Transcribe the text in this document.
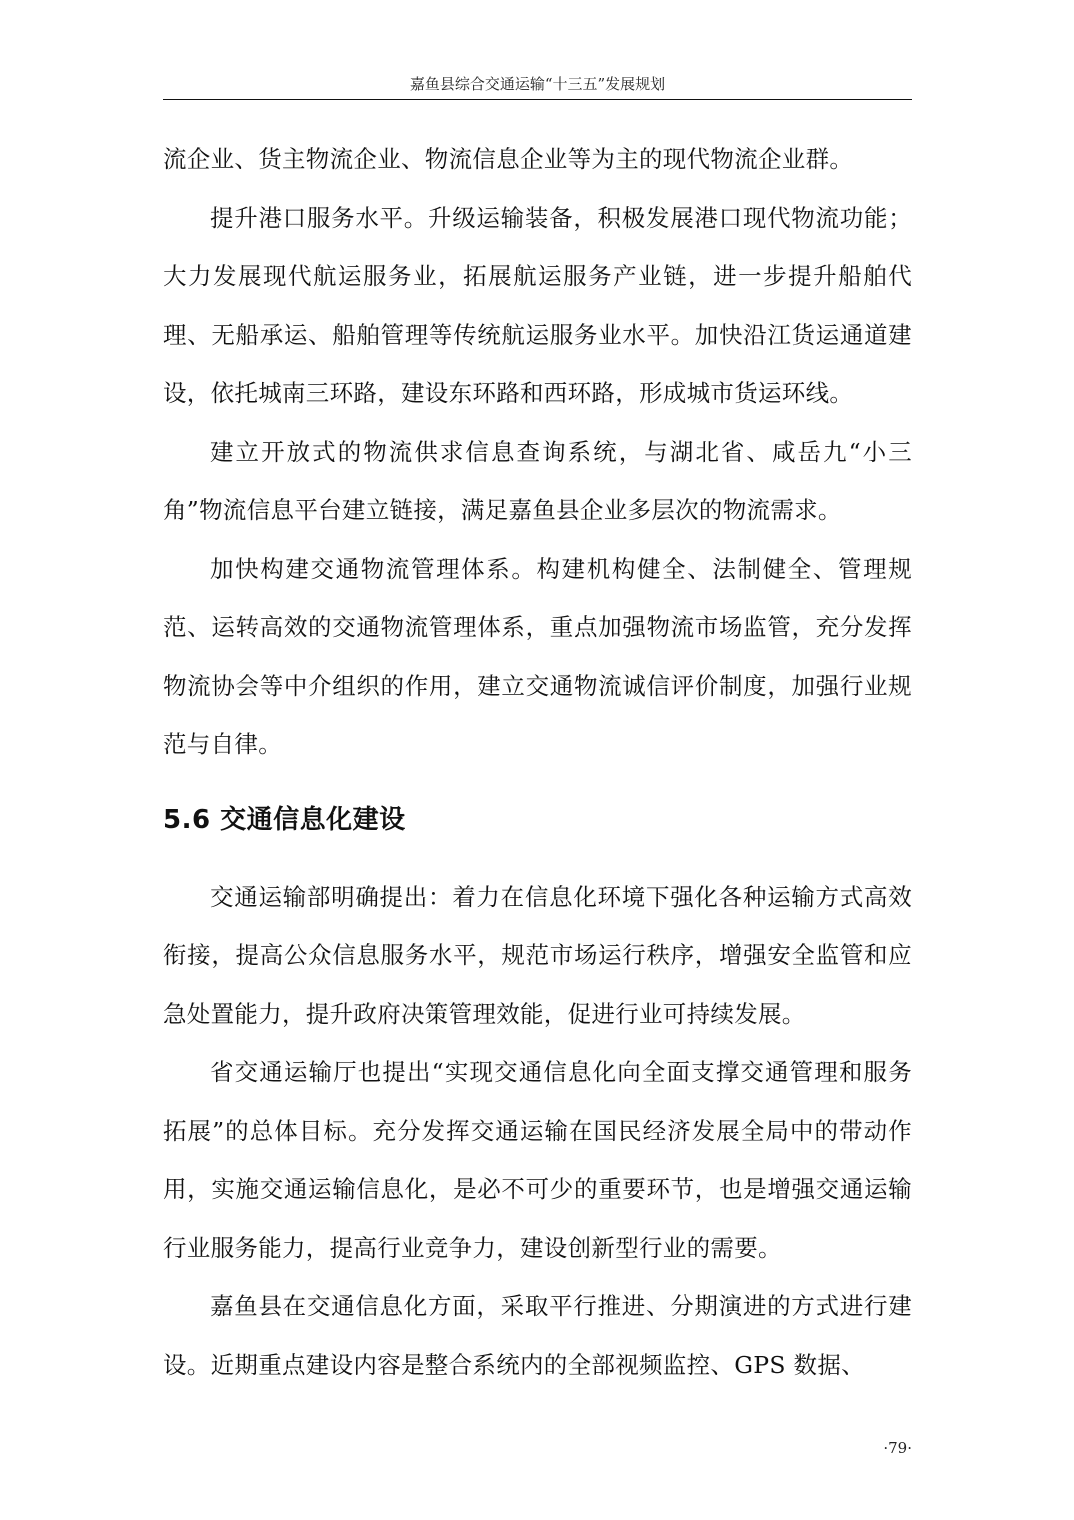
嘉鱼县综合交通运输“十三五”发展规划

流企业、货主物流企业、物流信息企业等为主的现代物流企业群。

提升港口服务水平。升级运输装备，积极发展港口现代物流功能；大力发展现代航运服务业，拓展航运服务产业链，进一步提升船舶代理、无船承运、船舶管理等传统航运服务业水平。加快沿江货运通道建设，依托城南三环路，建设东环路和西环路，形成城市货运环线。

建立开放式的物流供求信息查询系统，与湖北省、咸岳九“小三角”物流信息平台建立链接，满足嘉鱼县企业多层次的物流需求。

加快构建交通物流管理体系。构建机构健全、法制健全、管理规范、运转高效的交通物流管理体系，重点加强物流市场监管，充分发挥物流协会等中介组织的作用，建立交通物流诚信评价制度，加强行业规范与自律。

5.6 交通信息化建设

交通运输部明确提出：着力在信息化环境下强化各种运输方式高效衔接，提高公众信息服务水平，规范市场运行秩序，增强安全监管和应急处置能力，提升政府决策管理效能，促进行业可持续发展。

省交通运输厅也提出“实现交通信息化向全面支撑交通管理和服务拓展”的总体目标。充分发挥交通运输在国民经济发展全局中的带动作用，实施交通运输信息化，是必不可少的重要环节，也是增强交通运输行业服务能力，提高行业竞争力，建设创新型行业的需要。

嘉鱼县在交通信息化方面，采取平行推进、分期演进的方式进行建设。近期重点建设内容是整合系统内的全部视频监控、GPS 数据、

·79·
